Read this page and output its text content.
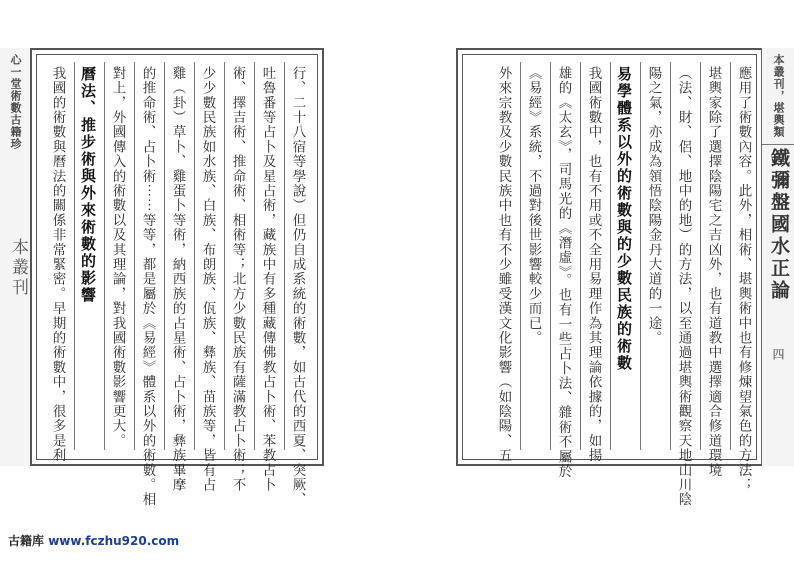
心一堂術數古籍珍
本叢刊	行、二十八宿等學說）但仍自成系統的術數，如古代的西夏、突厥、
吐魯番等占卜及星占術，藏族中有多種藏傳佛教占卜術、苯教占卜
術、擇吉術、推命術、相術等；北方少數民族有薩滿教占卜術；不
少少數民族如水族、白族、布朗族、佤族、彝族、苗族等，皆有占
雞（卦）草卜、雞蛋卜等術，納西族的占星術、占卜術，彝族畢摩
的推命術、占卜術⋯⋯等等，都是屬於《易經》體系以外的術數。相
對上，外國傳入的術數以及其理論，對我國術數影響更大。
曆法、推步術與外來術數的影響
我國的術數與曆法的關係非常緊密。早期的術數中，很多是利	應用了術數內容。此外，相術、堪輿術中也有修煉望氣色的方法；
堪輿家除了選擇陰陽宅之吉凶外，也有道教中選擇適合修道環境
（法、財、侶、地中的地）的方法，以至通過堪輿術觀察天地山川陰
陽之氣，亦成為領悟陰陽金丹大道的一途。
易學體系以外的術數與的少數民族的術數
我國術數中，也有不用或不全用易理作為其理論依據的，如揚
雄的《太玄》，司馬光的《潛虛》。也有一些占卜法、雜術不屬於
《易經》系統，不過對後世影響較少而已。
外來宗教及少數民族中也有不少雖受漢文化影響（如陰陽、五	本叢刊，堪輿類
鐵彌盤國水正論
四
古籍库 www.fczhu920.com
